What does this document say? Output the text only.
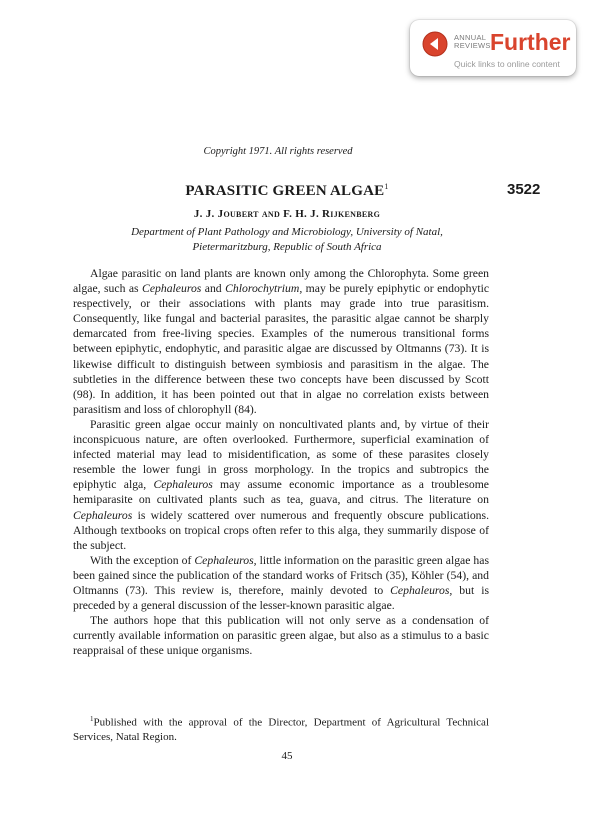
ANNUAL
REVIEWS Further
Quick links to online content
Copyright 1971. All rights reserved
PARASITIC GREEN ALGAE$^1$	3522
J. J. Joubert and F. H. J. Rijkenberg
Department of Plant Pathology and Microbiology, University of Natal,
Pietermaritzburg, Republic of South Africa

Algae parasitic on land plants are known only among the Chlorophyta. Some green algae, such as Cephaleuros and Chlorochytrium, may be purely epiphytic or endophytic respectively, or their associations with plants may grade into true parasitism. Consequently, like fungal and bacterial parasites, the parasitic algae cannot be sharply demarcated from free-living species. Examples of the numerous transitional forms between epiphytic, endophytic, and parasitic algae are discussed by Oltmanns (73). It is likewise difficult to distinguish between symbiosis and parasitism in the algae. The subtleties in the difference between these two concepts have been discussed by Scott (98). In addition, it has been pointed out that in algae no correlation exists between parasitism and loss of chlorophyll (84).

Parasitic green algae occur mainly on noncultivated plants and, by virtue of their inconspicuous nature, are often overlooked. Furthermore, superficial examination of infected material may lead to misidentification, as some of these parasites closely resemble the lower fungi in gross morphology. In the tropics and subtropics the epiphytic alga, Cephaleuros may assume economic importance as a troublesome hemiparasite on cultivated plants such as tea, guava, and citrus. The literature on Cephaleuros is widely scattered over numerous and frequently obscure publications. Although textbooks on tropical crops often refer to this alga, they summarily dispose of the subject.

With the exception of Cephaleuros, little information on the parasitic green algae has been gained since the publication of the standard works of Fritsch (35), Köhler (54), and Oltmanns (73). This review is, therefore, mainly devoted to Cephaleuros, but is preceded by a general discussion of the lesser-known parasitic algae.

The authors hope that this publication will not only serve as a condensation of currently available information on parasitic green algae, but also as a stimulus to a basic reappraisal of these unique organisms.

$^1$Published with the approval of the Director, Department of Agricultural Technical Services, Natal Region.
45
